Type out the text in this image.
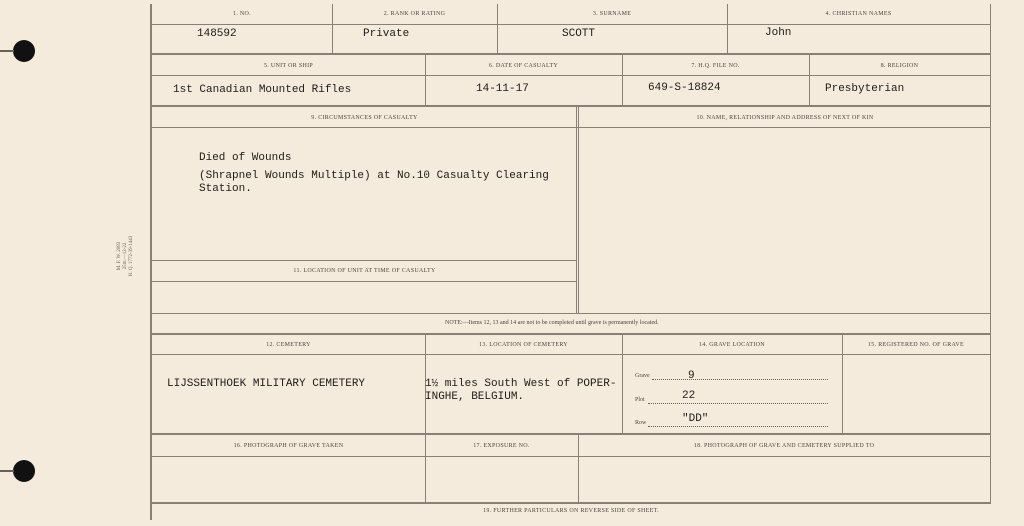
M. F. W. 2083 25m.—12-22 H. Q. 1772-39-1443
1. NO.	2. RANK OR RATING	3. SURNAME	4. CHRISTIAN NAMES
148592	Private	SCOTT	John
5. UNIT OR SHIP	6. DATE OF CASUALTY	7. H.Q. FILE NO.	8. RELIGION
1st Canadian Mounted Rifles	14-11-17	649-S-18824	Presbyterian
9. CIRCUMSTANCES OF CASUALTY	10. NAME, RELATIONSHIP AND ADDRESS OF NEXT OF KIN
Died of Wounds
(Shrapnel Wounds Multiple) at No.10 Casualty Clearing
Station.
11. LOCATION OF UNIT AT TIME OF CASUALTY
NOTE:—Items 12, 13 and 14 are not to be completed until grave is permanently located.
12. CEMETERY	13. LOCATION OF CEMETERY	14. GRAVE LOCATION	15. REGISTERED NO. OF GRAVE
LIJSSENTHOEK MILITARY CEMETERY	1½ miles South West of POPER-
INGHE, BELGIUM.
Grave	9
Plot	22
Row	"DD"
16. PHOTOGRAPH OF GRAVE TAKEN	17. EXPOSURE NO.	18. PHOTOGRAPH OF GRAVE AND CEMETERY SUPPLIED TO
19. FURTHER PARTICULARS ON REVERSE SIDE OF SHEET.
